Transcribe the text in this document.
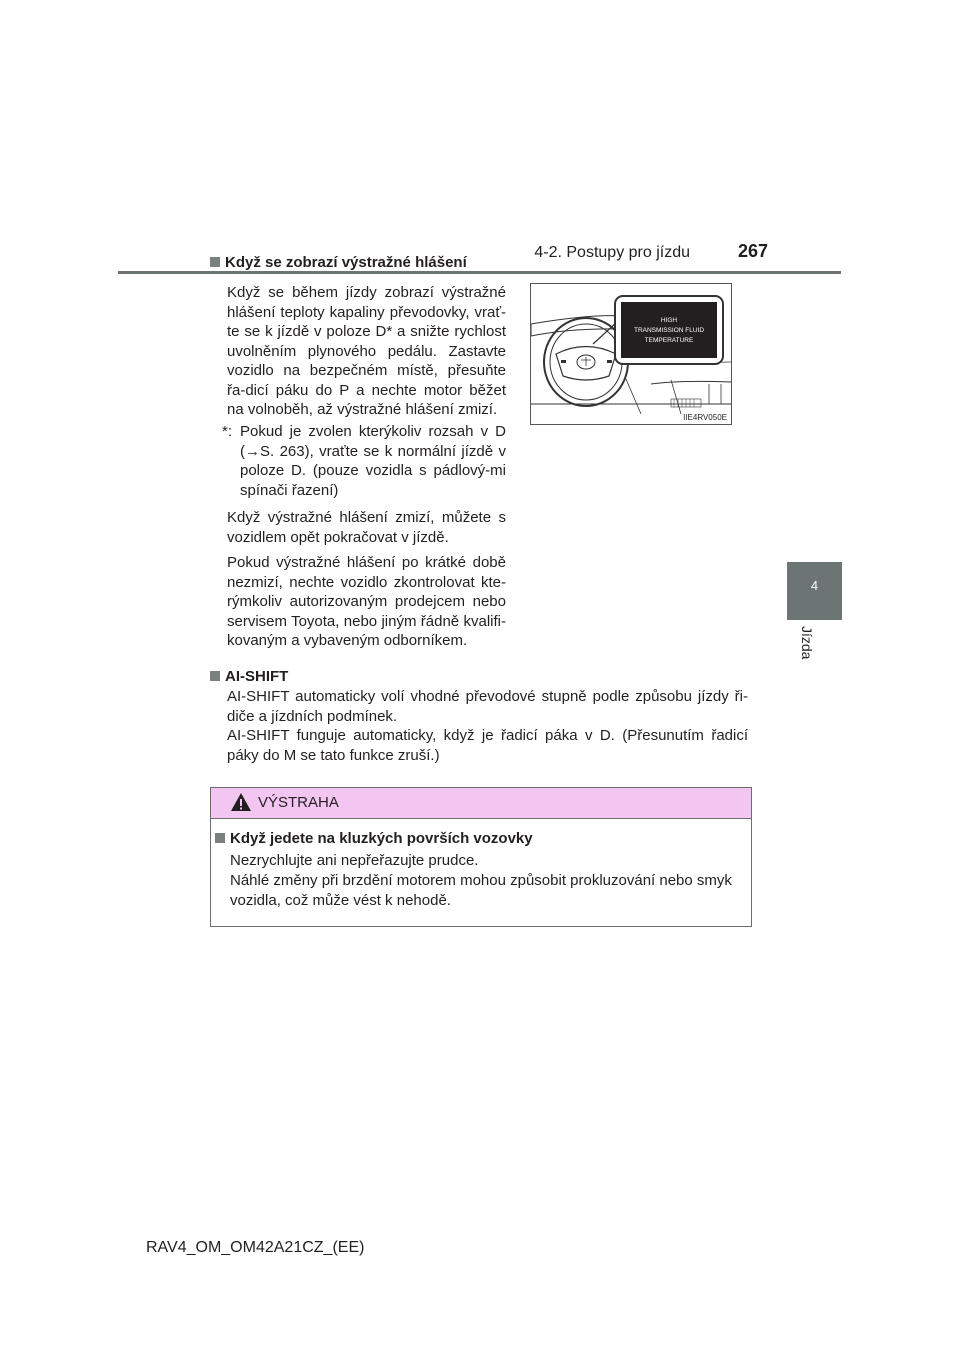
4-2. Postupy pro jízdu	267
4
Jízda
Když se zobrazí výstražné hlášení

Když se během jízdy zobrazí výstražné hlášení teploty kapaliny převodovky, vrať-te se k jízdě v poloze D* a snižte rychlost uvolněním plynového pedálu. Zastavte vozidlo na bezpečném místě, přesuňte řa-dicí páku do P a nechte motor běžet na volnoběh, až výstražné hlášení zmizí.

*: Pokud je zvolen kterýkoliv rozsah v D (→S. 263), vraťte se k normální jízdě v poloze D. (pouze vozidla s pádlový-mi spínači řazení)

Když výstražné hlášení zmizí, můžete s vozidlem opět pokračovat v jízdě.

Pokud výstražné hlášení po krátké době nezmizí, nechte vozidlo zkontrolovat kte-rýmkoliv autorizovaným prodejcem nebo servisem Toyota, nebo jiným řádně kvalifi-kovaným a vybaveným odborníkem.

HIGH
TRANSMISSION FLUID
TEMPERATURE
IIE4RV050E
AI-SHIFT

AI-SHIFT automaticky volí vhodné převodové stupně podle způsobu jízdy ři-diče a jízdních podmínek.

AI-SHIFT funguje automaticky, když je řadicí páka v D. (Přesunutím řadicí páky do M se tato funkce zruší.)

VÝSTRAHA
Když jedete na kluzkých površích vozovky

Nezrychlujte ani nepřeřazujte prudce.

Náhlé změny při brzdění motorem mohou způsobit prokluzování nebo smyk vozidla, což může vést k nehodě.

RAV4_OM_OM42A21CZ_(EE)
